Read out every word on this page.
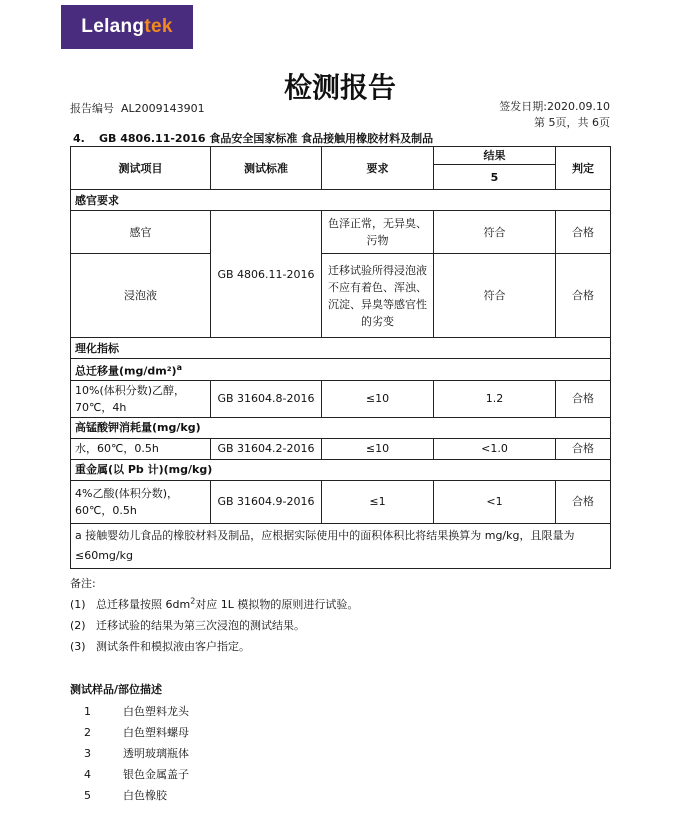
Lelangtek
检测报告
报告编号 AL2009143901	签发日期:2020.09.10
第 5页，共 6页
4. GB 4806.11-2016 食品安全国家标准 食品接触用橡胶材料及制品
测试项目	测试标准	要求	结果	判定
			5	
感官要求				
感官	GB 4806.11-2016	色泽正常，无异臭、污物	符合	合格
浸泡液		迁移试验所得浸泡液不应有着色、浑浊、沉淀、异臭等感官性的劣变	符合	合格
理化指标				
总迁移量$(mg/dm^2)^a$
10%(体积分数)乙醇，70℃，4h	GB 31604.8-2016	≤10	1.2	合格
高锰酸钾消耗量(mg/kg)				
水，60℃，0.5h	GB 31604.2-2016	≤10	<1.0	合格
重金属(以 Pb 计)(mg/kg)				
4%乙酸(体积分数)，60℃，0.5h	GB 31604.9-2016	≤1	<1	合格
a 接触婴幼儿食品的橡胶材料及制品，应根据实际使用中的面积体积比将结果换算为 mg/kg，且限量为≤60mg/kg				
备注:
(1) 总迁移量按照 $6dm^2$对应 1L 模拟物的原则进行试验。
(2) 迁移试验的结果为第三次浸泡的测试结果。
(3) 测试条件和模拟液由客户指定。
测试样品/部位描述
1	白色塑料龙头
2	白色塑料螺母
3	透明玻璃瓶体
4	银色金属盖子
5	白色橡胶
